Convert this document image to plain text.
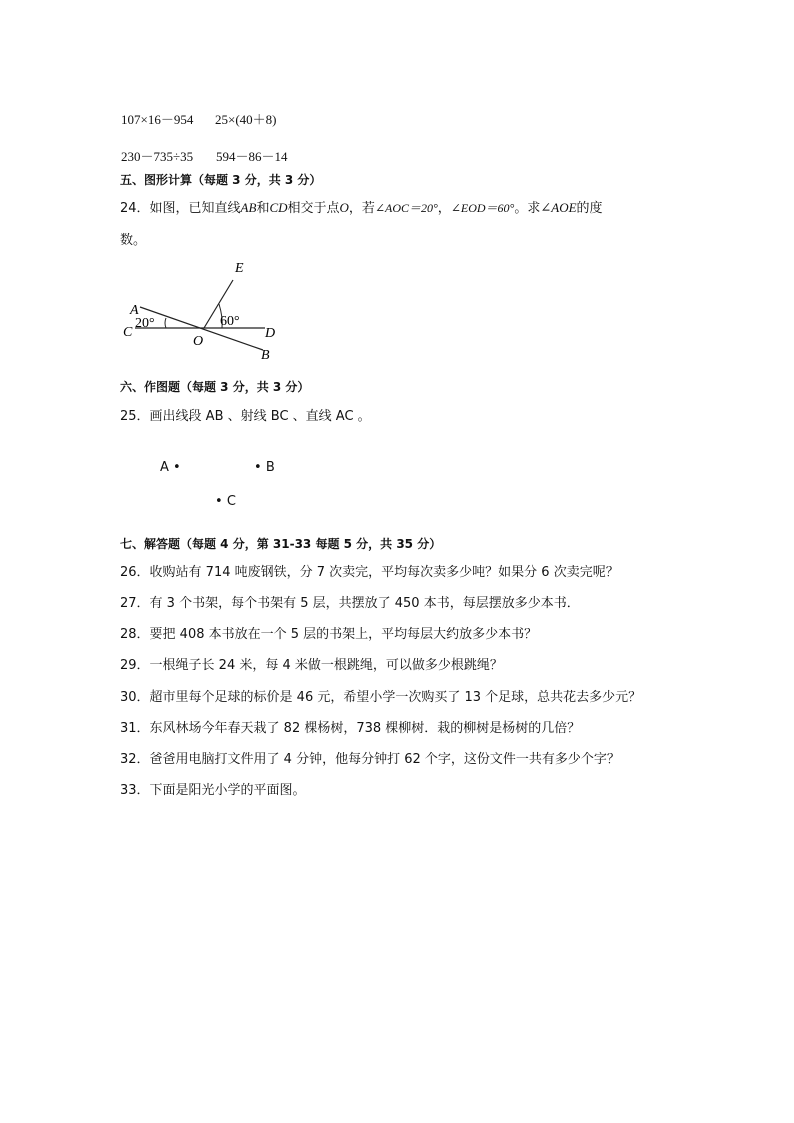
107×16－954 25×(40＋8)
230－735÷35 594－86－14
五、图形计算（每题 3 分，共 3 分）
24．如图，已知直线AB和CD相交于点O，若∠AOC＝20°，∠EOD＝60°。求∠AOE的度
数。
A
C
O
D
B
E
20°	60°
六、作图题（每题 3 分，共 3 分）
25．画出线段 AB 、射线 BC 、直线 AC 。
A •	• B
• C
七、解答题（每题 4 分，第 31-33 每题 5 分，共 35 分）
26．收购站有 714 吨废钢铁，分 7 次卖完，平均每次卖多少吨？如果分 6 次卖完呢？
27．有 3 个书架，每个书架有 5 层，共摆放了 450 本书，每层摆放多少本书．
28．要把 408 本书放在一个 5 层的书架上，平均每层大约放多少本书？
29．一根绳子长 24 米，每 4 米做一根跳绳，可以做多少根跳绳？
30．超市里每个足球的标价是 46 元，希望小学一次购买了 13 个足球，总共花去多少元？
31．东风林场今年春天栽了 82 棵杨树，738 棵柳树．栽的柳树是杨树的几倍？
32．爸爸用电脑打文件用了 4 分钟，他每分钟打 62 个字，这份文件一共有多少个字？
33．下面是阳光小学的平面图。
